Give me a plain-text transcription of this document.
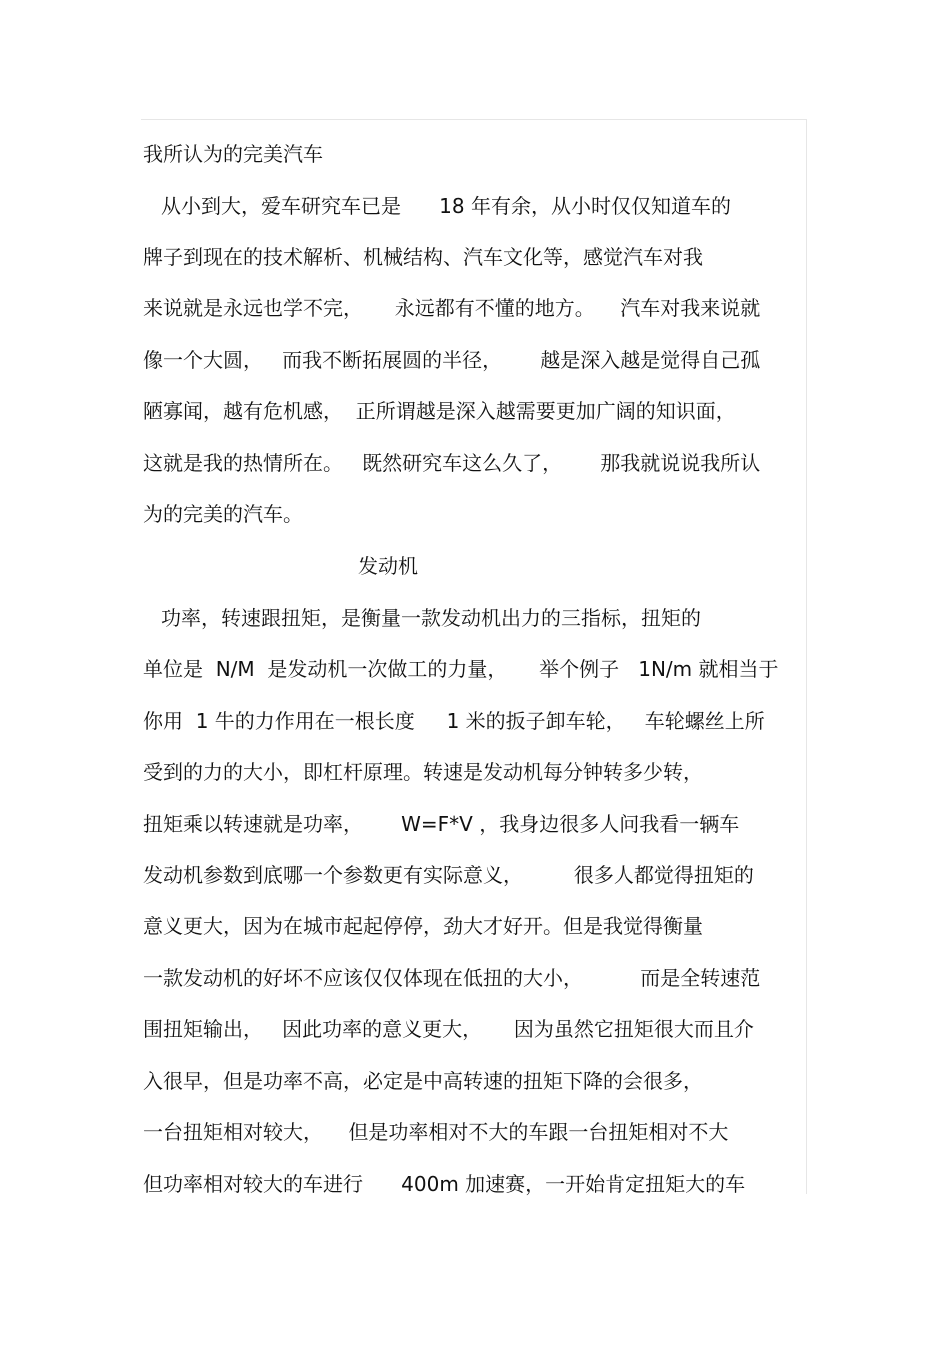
我所认为的完美汽车
从小到大，爱车研究车已是      18 年有余，从小时仅仅知道车的
牌子到现在的技术解析、机械结构、汽车文化等，感觉汽车对我
来说就是永远也学不完，     永远都有不懂的地方。    汽车对我来说就
像一个大圆，   而我不断拓展圆的半径，      越是深入越是觉得自己孤
陋寡闻，越有危机感，  正所谓越是深入越需要更加广阔的知识面，
这就是我的热情所在。   既然研究车这么久了，      那我就说说我所认
为的完美的汽车。
发动机
功率，转速跟扭矩，是衡量一款发动机出力的三指标，扭矩的
单位是  N/M  是发动机一次做工的力量，     举个例子   1N/m 就相当于
你用  1 牛的力作用在一根长度     1 米的扳子卸车轮，   车轮螺丝上所
受到的力的大小，即杠杆原理。转速是发动机每分钟转多少转，
扭矩乘以转速就是功率，      W=F*V ，我身边很多人问我看一辆车
发动机参数到底哪一个参数更有实际意义，        很多人都觉得扭矩的
意义更大，因为在城市起起停停，劲大才好开。但是我觉得衡量
一款发动机的好坏不应该仅仅体现在低扭的大小，         而是全转速范
围扭矩输出，   因此功率的意义更大，     因为虽然它扭矩很大而且介
入很早，但是功率不高，必定是中高转速的扭矩下降的会很多，
一台扭矩相对较大，    但是功率相对不大的车跟一台扭矩相对不大
但功率相对较大的车进行      400m 加速赛，一开始肯定扭矩大的车
